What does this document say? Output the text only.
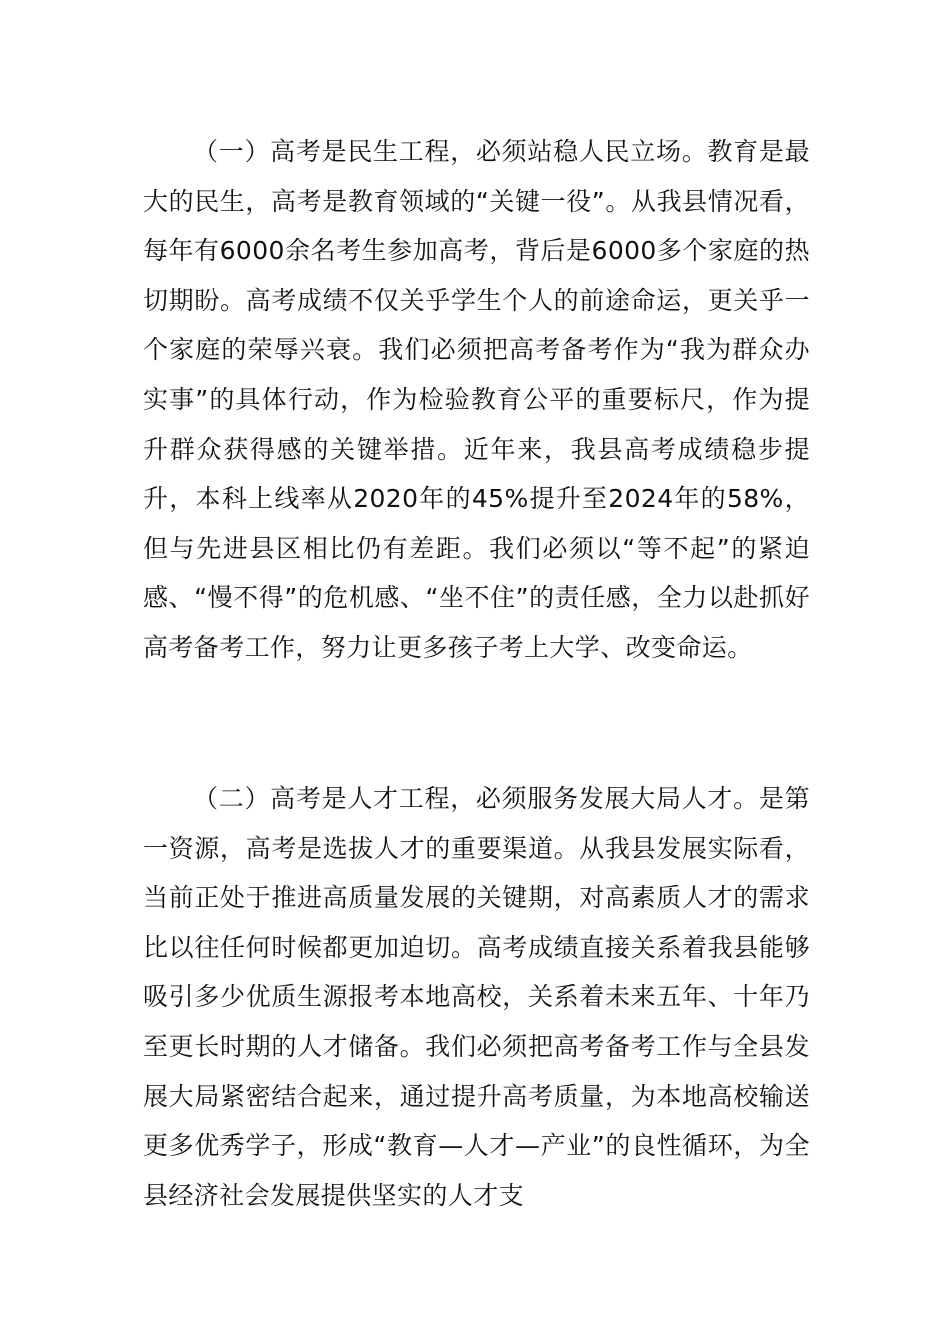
（一）高考是民生工程，必须站稳人民立场。教育是最大的民生，高考是教育领域的“关键一役”。从我县情况看，每年有6000余名考生参加高考，背后是6000多个家庭的热切期盼。高考成绩不仅关乎学生个人的前途命运，更关乎一个家庭的荣辱兴衰。我们必须把高考备考作为“我为群众办实事”的具体行动，作为检验教育公平的重要标尺，作为提升群众获得感的关键举措。近年来，我县高考成绩稳步提升，本科上线率从2020年的45%提升至2024年的58%，但与先进县区相比仍有差距。我们必须以“等不起”的紧迫感、“慢不得”的危机感、“坐不住”的责任感，全力以赴抓好高考备考工作，努力让更多孩子考上大学、改变命运。

（二）高考是人才工程，必须服务发展大局人才。是第一资源，高考是选拔人才的重要渠道。从我县发展实际看，当前正处于推进高质量发展的关键期，对高素质人才的需求比以往任何时候都更加迫切。高考成绩直接关系着我县能够吸引多少优质生源报考本地高校，关系着未来五年、十年乃至更长时期的人才储备。我们必须把高考备考工作与全县发展大局紧密结合起来，通过提升高考质量，为本地高校输送更多优秀学子，形成“教育—人才—产业”的良性循环，为全县经济社会发展提供坚实的人才支
